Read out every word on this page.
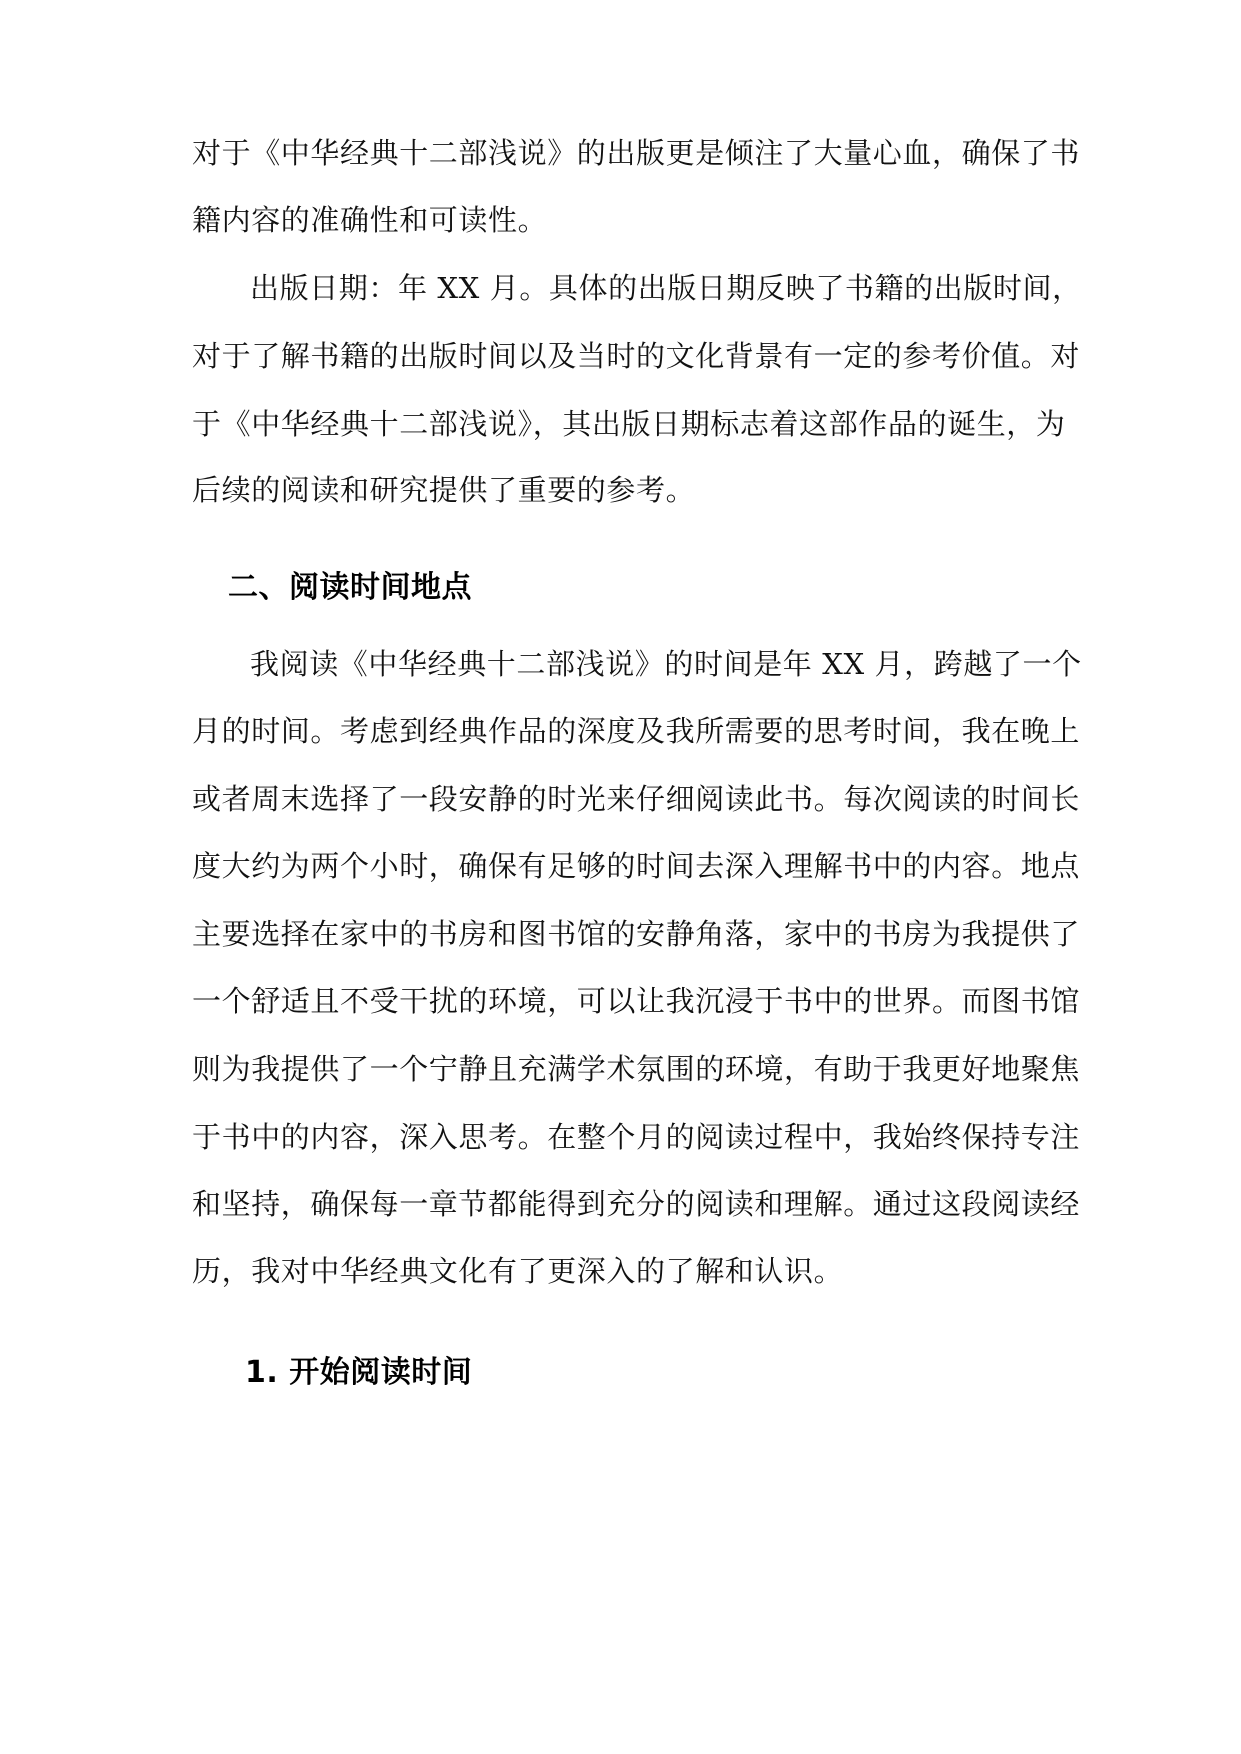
对于《中华经典十二部浅说》的出版更是倾注了大量心血，确保了书
籍内容的准确性和可读性。
出版日期：年 XX 月。具体的出版日期反映了书籍的出版时间，
对于了解书籍的出版时间以及当时的文化背景有一定的参考价值。对
于《中华经典十二部浅说》，其出版日期标志着这部作品的诞生，为
后续的阅读和研究提供了重要的参考。
二、阅读时间地点
我阅读《中华经典十二部浅说》的时间是年 XX 月，跨越了一个
月的时间。考虑到经典作品的深度及我所需要的思考时间，我在晚上
或者周末选择了一段安静的时光来仔细阅读此书。每次阅读的时间长
度大约为两个小时，确保有足够的时间去深入理解书中的内容。地点
主要选择在家中的书房和图书馆的安静角落，家中的书房为我提供了
一个舒适且不受干扰的环境，可以让我沉浸于书中的世界。而图书馆
则为我提供了一个宁静且充满学术氛围的环境，有助于我更好地聚焦
于书中的内容，深入思考。在整个月的阅读过程中，我始终保持专注
和坚持，确保每一章节都能得到充分的阅读和理解。通过这段阅读经
历，我对中华经典文化有了更深入的了解和认识。
1. 开始阅读时间
